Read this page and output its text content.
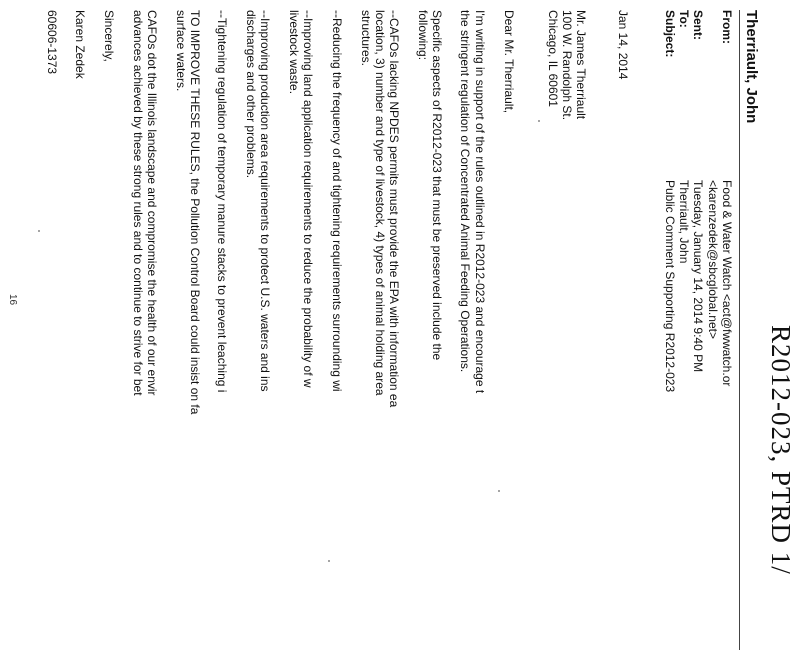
R2012-023, PTRD 1/
Therriault, John
From:
Food & Water Watch <act@fwwatch.or
<karenzedek@sbcglobal.net>
Sent:
Tuesday, January 14, 2014 9:40 PM
To:
Therriault, John
Subject:
Public Comment Supporting R2012-023
Jan 14, 2014
Mr. James Therriault
100 W. Randolph St.
Chicago, IL 60601
Dear Mr. Therriault,
I'm writing in support of the rules outlined in R2012-023 and encourage t
the stringent regulation of Concentrated Animal Feeding Operations.
Specific aspects of R2012-023 that must be preserved include the
following:
--CAFOs lacking NPDES permits must provide the EPA with information ea
location, 3) number and type of livestock, 4) types of animal holding area
structures.
--Reducing the frequency of and tightening requirements surrounding wi
--Improving land application requirements to reduce the probability of w
livestock waste.
--Improving production area requirements to protect U.S. waters and ins
discharges and other problems.
--Tightening regulation of temporary manure stacks to prevent leaching i
TO IMPROVE THESE RULES, the Pollution Control Board could insist on fa
surface waters.
CAFOs dot the Illinois landscape and compromise the health of our envir
advances achieved by these strong rules and to continue to strive for bet
Sincerely,
Karen Zedek
60606-1373
16
